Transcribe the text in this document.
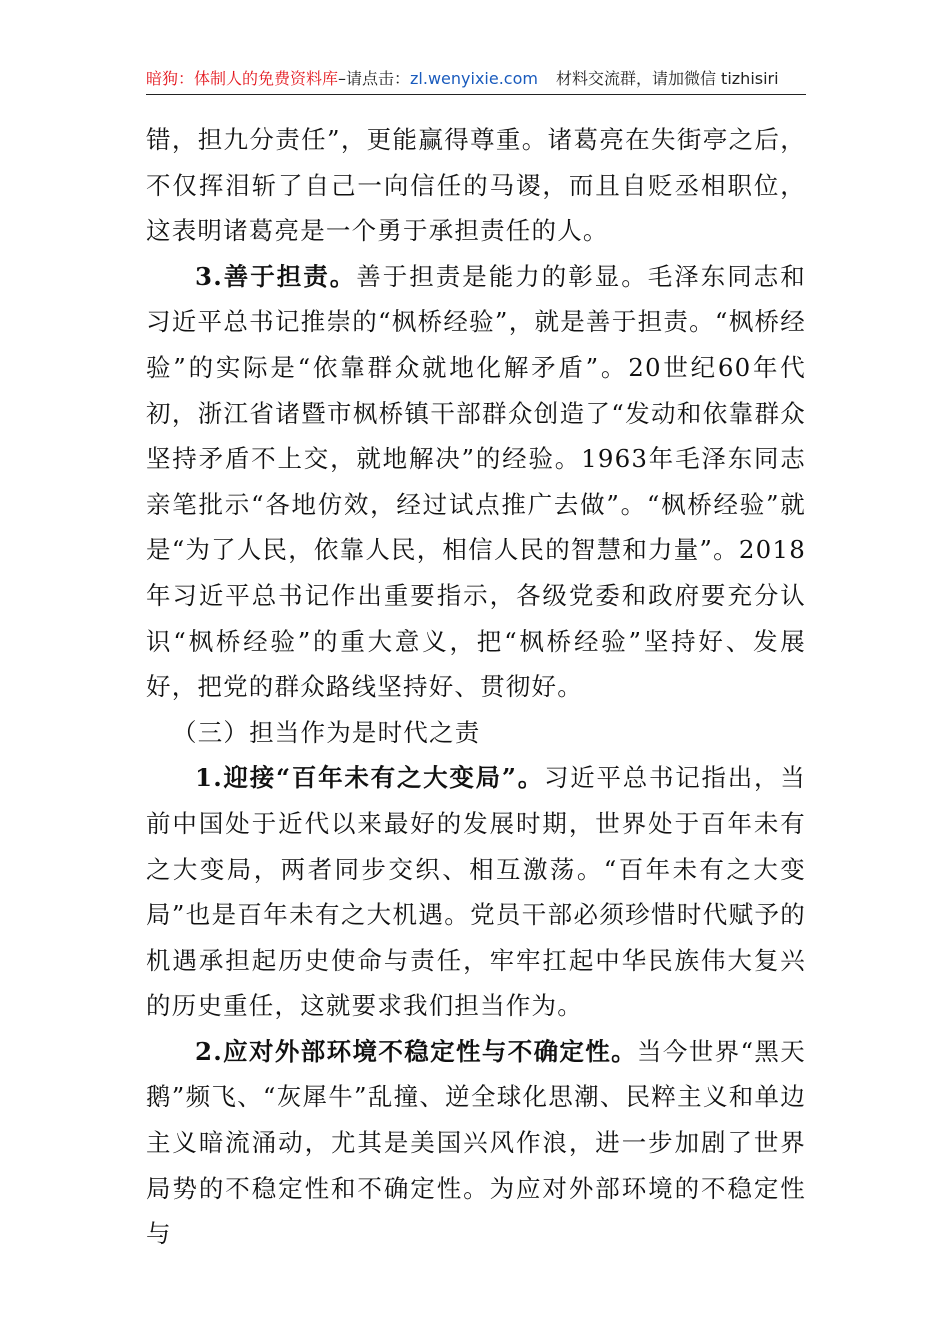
暗狗：体制人的免费资料库–请点击：zl.wenyixie.com 材料交流群，请加微信 tizhisiri

错，担九分责任”，更能赢得尊重。诸葛亮在失街亭之后，不仅挥泪斩了自己一向信任的马谡，而且自贬丞相职位，这表明诸葛亮是一个勇于承担责任的人。

3.善于担责。善于担责是能力的彰显。毛泽东同志和习近平总书记推崇的“枫桥经验”，就是善于担责。“枫桥经验”的实际是“依靠群众就地化解矛盾”。20世纪60年代初，浙江省诸暨市枫桥镇干部群众创造了“发动和依靠群众坚持矛盾不上交，就地解决”的经验。1963年毛泽东同志亲笔批示“各地仿效，经过试点推广去做”。“枫桥经验”就是“为了人民，依靠人民，相信人民的智慧和力量”。2018年习近平总书记作出重要指示，各级党委和政府要充分认识“枫桥经验”的重大意义，把“枫桥经验”坚持好、发展好，把党的群众路线坚持好、贯彻好。

（三）担当作为是时代之责

1.迎接“百年未有之大变局”。习近平总书记指出，当前中国处于近代以来最好的发展时期，世界处于百年未有之大变局，两者同步交织、相互激荡。“百年未有之大变局”也是百年未有之大机遇。党员干部必须珍惜时代赋予的机遇承担起历史使命与责任，牢牢扛起中华民族伟大复兴的历史重任，这就要求我们担当作为。

2.应对外部环境不稳定性与不确定性。当今世界“黑天鹅”频飞、“灰犀牛”乱撞、逆全球化思潮、民粹主义和单边主义暗流涌动，尤其是美国兴风作浪，进一步加剧了世界局势的不稳定性和不确定性。为应对外部环境的不稳定性与
